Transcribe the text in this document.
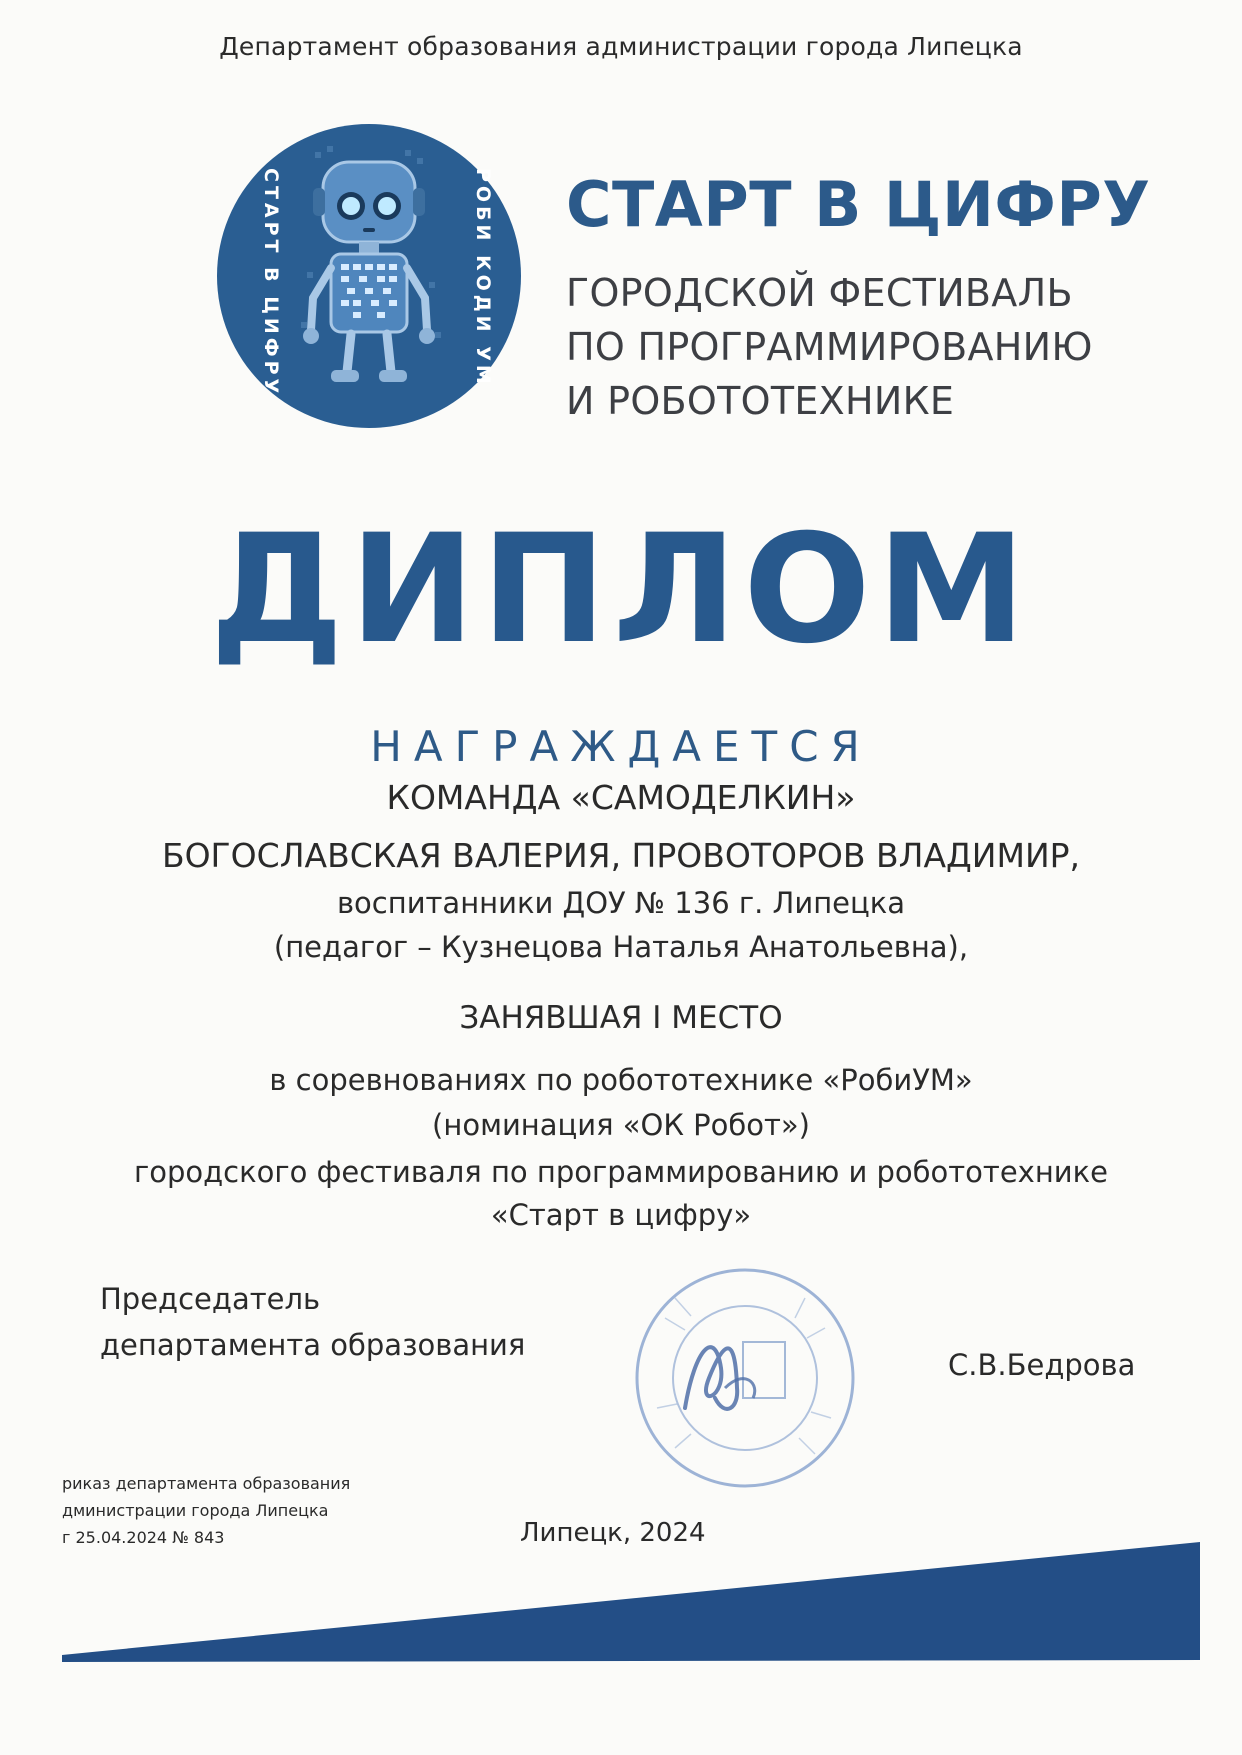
Департамент образования администрации города Липецка
СТАРТ В ЦИФРУ	РОБИ КОДИ УМ СТАРТ В ЦИФРУ
ГОРОДСКОЙ ФЕСТИВАЛЬ
ПО ПРОГРАММИРОВАНИЮ
И РОБОТОТЕХНИКЕ
ДИПЛОМ
НАГРАЖДАЕТСЯ
КОМАНДА «САМОДЕЛКИН»
БОГОСЛАВСКАЯ ВАЛЕРИЯ, ПРОВОТОРОВ ВЛАДИМИР,
воспитанники ДОУ № 136 г. Липецка
(педагог – Кузнецова Наталья Анатольевна),
ЗАНЯВШАЯ I МЕСТО
в соревнованиях по робототехнике «РобиУМ»
(номинация «ОК Робот»)
городского фестиваля по программированию и робототехнике
«Старт в цифру»
Председатель
департамента образования
С.В.Бедрова
риказ департамента образования
дминистрации города Липецка
г 25.04.2024 № 843	Липецк, 2024
